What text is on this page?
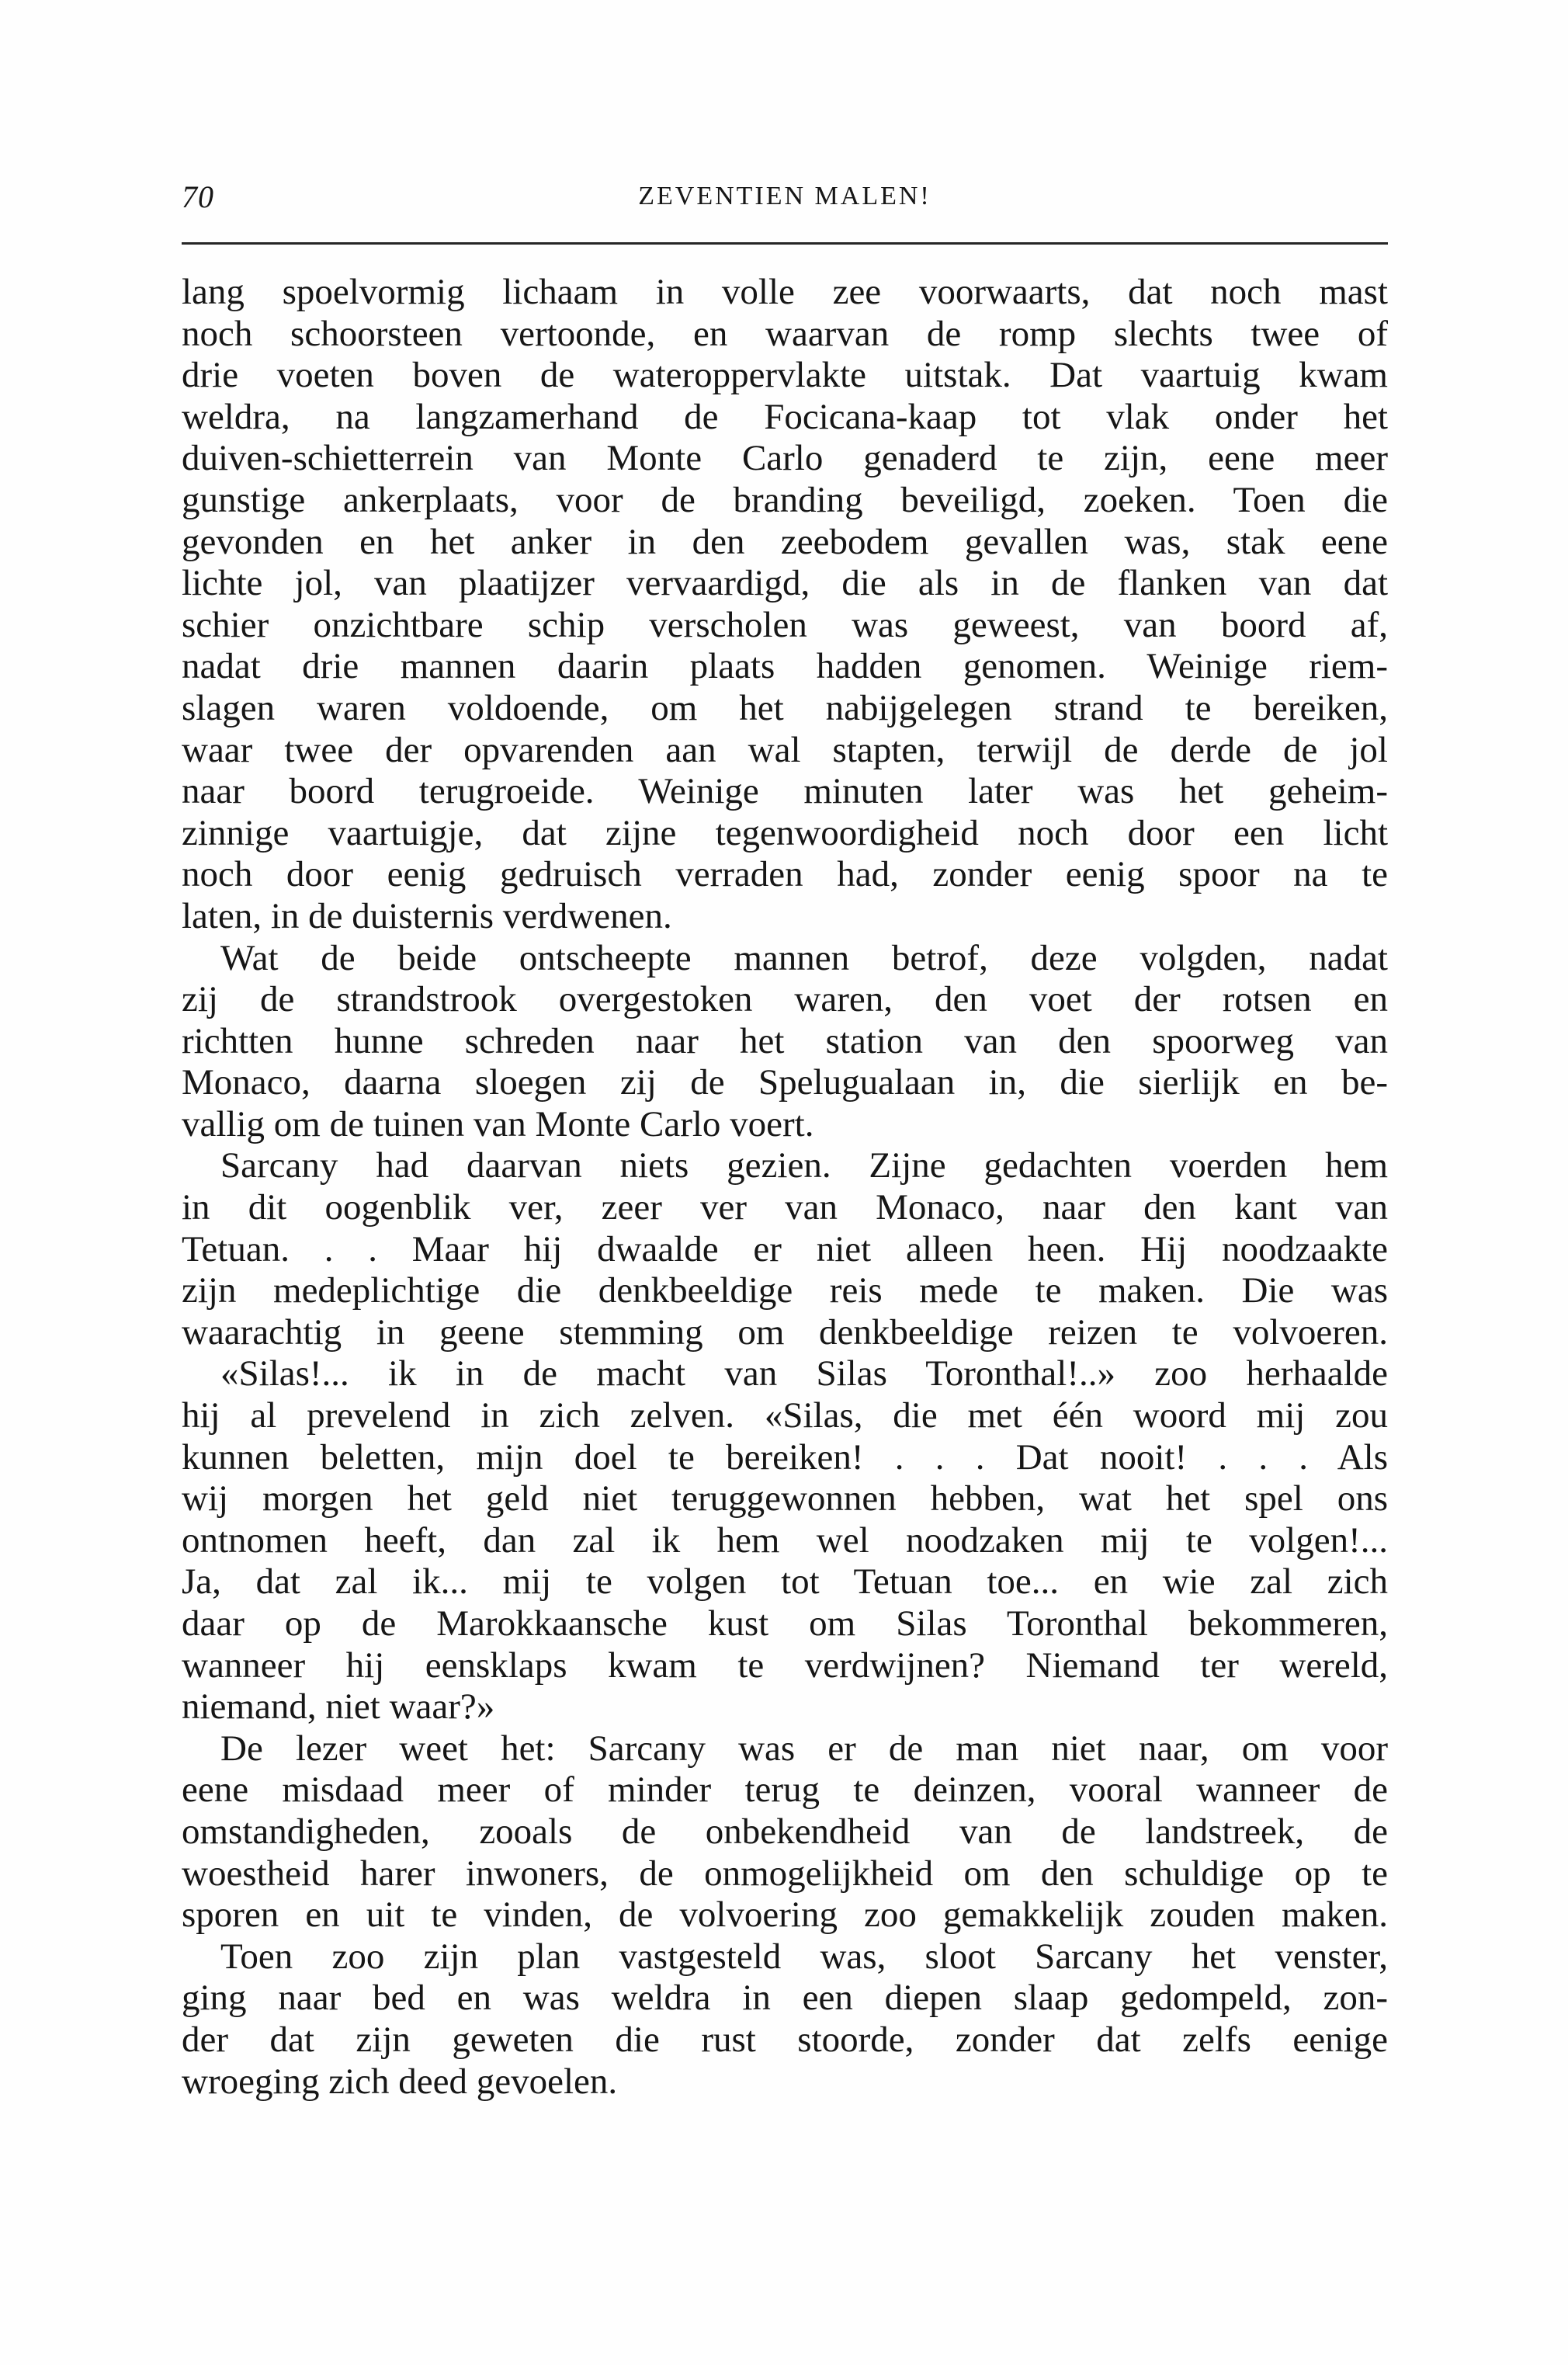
70	ZEVENTIEN MALEN!
lang spoelvormig lichaam in volle zee voorwaarts, dat noch mast
noch schoorsteen vertoonde, en waarvan de romp slechts twee of
drie voeten boven de wateroppervlakte uitstak. Dat vaartuig kwam
weldra, na langzamerhand de Focicana-kaap tot vlak onder het
duiven-schietterrein van Monte Carlo genaderd te zijn, eene meer
gunstige ankerplaats, voor de branding beveiligd, zoeken. Toen die
gevonden en het anker in den zeebodem gevallen was, stak eene
lichte jol, van plaatijzer vervaardigd, die als in de flanken van dat
schier onzichtbare schip verscholen was geweest, van boord af,
nadat drie mannen daarin plaats hadden genomen. Weinige riem-
slagen waren voldoende, om het nabijgelegen strand te bereiken,
waar twee der opvarenden aan wal stapten, terwijl de derde de jol
naar boord terugroeide. Weinige minuten later was het geheim-
zinnige vaartuigje, dat zijne tegenwoordigheid noch door een licht
noch door eenig gedruisch verraden had, zonder eenig spoor na te
laten, in de duisternis verdwenen.
Wat de beide ontscheepte mannen betrof, deze volgden, nadat
zij de strandstrook overgestoken waren, den voet der rotsen en
richtten hunne schreden naar het station van den spoorweg van
Monaco, daarna sloegen zij de Spelugualaan in, die sierlijk en be-
vallig om de tuinen van Monte Carlo voert.
Sarcany had daarvan niets gezien. Zijne gedachten voerden hem
in dit oogenblik ver, zeer ver van Monaco, naar den kant van
Tetuan. . . Maar hij dwaalde er niet alleen heen. Hij noodzaakte
zijn medeplichtige die denkbeeldige reis mede te maken. Die was
waarachtig in geene stemming om denkbeeldige reizen te volvoeren.
«Silas!... ik in de macht van Silas Toronthal!..» zoo herhaalde
hij al prevelend in zich zelven. «Silas, die met één woord mij zou
kunnen beletten, mijn doel te bereiken! . . . Dat nooit! . . . Als
wij morgen het geld niet teruggewonnen hebben, wat het spel ons
ontnomen heeft, dan zal ik hem wel noodzaken mij te volgen!...
Ja, dat zal ik... mij te volgen tot Tetuan toe... en wie zal zich
daar op de Marokkaansche kust om Silas Toronthal bekommeren,
wanneer hij eensklaps kwam te verdwijnen? Niemand ter wereld,
niemand, niet waar?»
De lezer weet het: Sarcany was er de man niet naar, om voor
eene misdaad meer of minder terug te deinzen, vooral wanneer de
omstandigheden, zooals de onbekendheid van de landstreek, de
woestheid harer inwoners, de onmogelijkheid om den schuldige op te
sporen en uit te vinden, de volvoering zoo gemakkelijk zouden maken.
Toen zoo zijn plan vastgesteld was, sloot Sarcany het venster,
ging naar bed en was weldra in een diepen slaap gedompeld, zon-
der dat zijn geweten die rust stoorde, zonder dat zelfs eenige
wroeging zich deed gevoelen.
